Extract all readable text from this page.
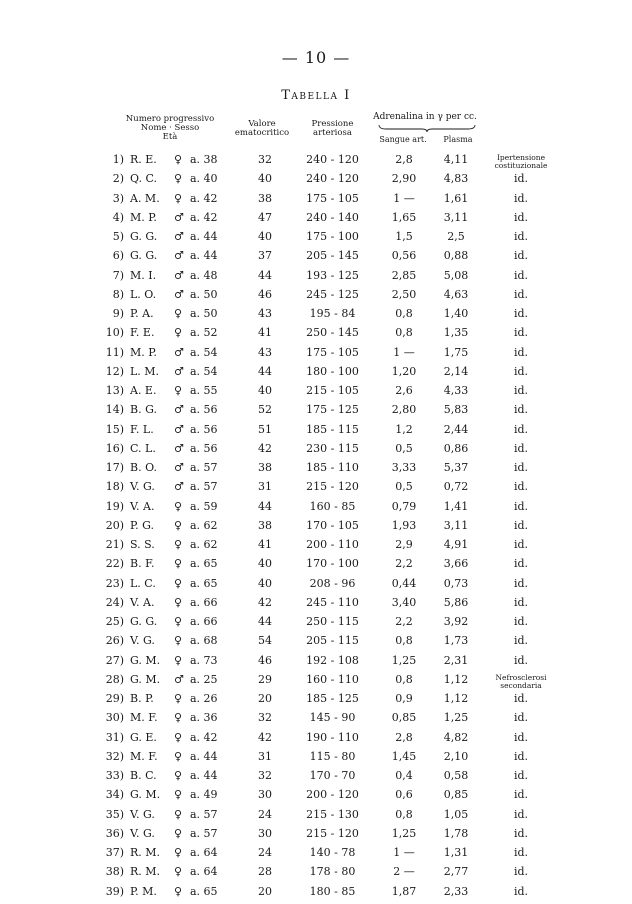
— 10 —
Tabella I
Numero progressivo
Nome · Sesso
Età
Valore
ematocritico
Pressione
arteriosa
Adrenalina in γ per cc.
Sangue art.	Plasma
1) R. E. ♀ a. 38	32	240 - 120	2,8	4,11	Ipertensione
costituzionale
2) Q. C. ♀ a. 40	40	240 - 120	2,90	4,83	id.
3) A. M. ♀ a. 42	38	175 - 105	1 —	1,61	id.
4) M. P. ♂ a. 42	47	240 - 140	1,65	3,11	id.
5) G. G. ♂ a. 44	40	175 - 100	1,5	2,5	id.
6) G. G. ♂ a. 44	37	205 - 145	0,56	0,88	id.
7) M. I. ♂ a. 48	44	193 - 125	2,85	5,08	id.
8) L. O. ♂ a. 50	46	245 - 125	2,50	4,63	id.
9) P. A. ♀ a. 50	43	195 - 84	0,8	1,40	id.
10) F. E. ♀ a. 52	41	250 - 145	0,8	1,35	id.
11) M. P. ♂ a. 54	43	175 - 105	1 —	1,75	id.
12) L. M. ♂ a. 54	44	180 - 100	1,20	2,14	id.
13) A. E. ♀ a. 55	40	215 - 105	2,6	4,33	id.
14) B. G. ♂ a. 56	52	175 - 125	2,80	5,83	id.
15) F. L. ♂ a. 56	51	185 - 115	1,2	2,44	id.
16) C. L. ♂ a. 56	42	230 - 115	0,5	0,86	id.
17) B. O. ♂ a. 57	38	185 - 110	3,33	5,37	id.
18) V. G. ♂ a. 57	31	215 - 120	0,5	0,72	id.
19) V. A. ♀ a. 59	44	160 - 85	0,79	1,41	id.
20) P. G. ♀ a. 62	38	170 - 105	1,93	3,11	id.
21) S. S. ♀ a. 62	41	200 - 110	2,9	4,91	id.
22) B. F. ♀ a. 65	40	170 - 100	2,2	3,66	id.
23) L. C. ♀ a. 65	40	208 - 96	0,44	0,73	id.
24) V. A. ♀ a. 66	42	245 - 110	3,40	5,86	id.
25) G. G. ♀ a. 66	44	250 - 115	2,2	3,92	id.
26) V. G. ♀ a. 68	54	205 - 115	0,8	1,73	id.
27) G. M. ♀ a. 73	46	192 - 108	1,25	2,31	id.
28) G. M. ♂ a. 25	29	160 - 110	0,8	1,12	Nefrosclerosi
secondaria
29) B. P. ♀ a. 26	20	185 - 125	0,9	1,12	id.
30) M. F. ♀ a. 36	32	145 - 90	0,85	1,25	id.
31) G. E. ♀ a. 42	42	190 - 110	2,8	4,82	id.
32) M. F. ♀ a. 44	31	115 - 80	1,45	2,10	id.
33) B. C. ♀ a. 44	32	170 - 70	0,4	0,58	id.
34) G. M. ♀ a. 49	30	200 - 120	0,6	0,85	id.
35) V. G. ♀ a. 57	24	215 - 130	0,8	1,05	id.
36) V. G. ♀ a. 57	30	215 - 120	1,25	1,78	id.
37) R. M. ♀ a. 64	24	140 - 78	1 —	1,31	id.
38) R. M. ♀ a. 64	28	178 - 80	2 —	2,77	id.
39) P. M. ♀ a. 65	20	180 - 85	1,87	2,33	id.
